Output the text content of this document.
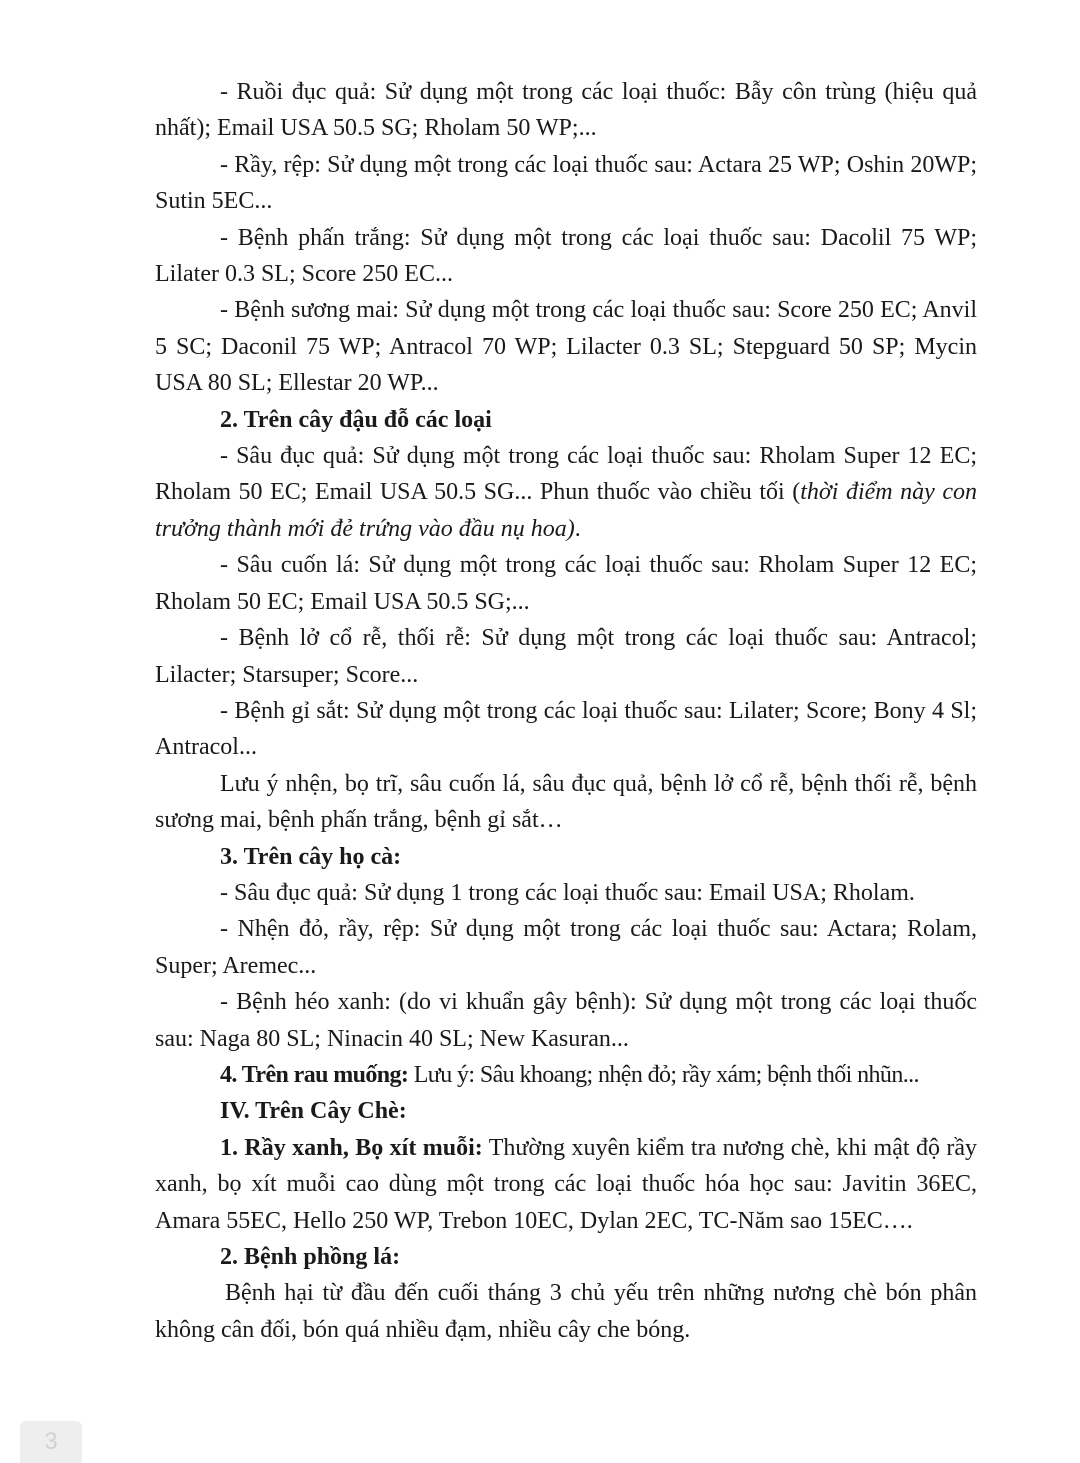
- Ruồi đục quả: Sử dụng một trong các loại thuốc: Bẫy côn trùng (hiệu quả nhất); Email USA 50.5 SG; Rholam 50 WP;...

- Rầy, rệp: Sử dụng một trong các loại thuốc sau: Actara 25 WP; Oshin 20WP; Sutin 5EC...

- Bệnh phấn trắng: Sử dụng một trong các loại thuốc sau: Dacolil 75 WP; Lilater 0.3 SL; Score 250 EC...

- Bệnh sương mai: Sử dụng một trong các loại thuốc sau: Score 250 EC; Anvil 5 SC; Daconil 75 WP; Antracol 70 WP; Lilacter 0.3 SL; Stepguard 50 SP; Mycin USA 80 SL; Ellestar 20 WP...

2. Trên cây đậu đỗ các loại

- Sâu đục quả: Sử dụng một trong các loại thuốc sau: Rholam Super 12 EC; Rholam 50 EC; Email USA 50.5 SG... Phun thuốc vào chiều tối (thời điểm này con trưởng thành mới đẻ trứng vào đầu nụ hoa).

- Sâu cuốn lá: Sử dụng một trong các loại thuốc sau: Rholam Super 12 EC; Rholam 50 EC; Email USA 50.5 SG;...

- Bệnh lở cổ rễ, thối rễ: Sử dụng một trong các loại thuốc sau: Antracol; Lilacter; Starsuper; Score...

- Bệnh gỉ sắt: Sử dụng một trong các loại thuốc sau: Lilater; Score; Bony 4 Sl; Antracol...

Lưu ý nhện, bọ trĩ, sâu cuốn lá, sâu đục quả, bệnh lở cổ rễ, bệnh thối rễ, bệnh sương mai, bệnh phấn trắng, bệnh gỉ sắt…

3. Trên cây họ cà:

- Sâu đục quả: Sử dụng 1 trong các loại thuốc sau: Email USA; Rholam.

- Nhện đỏ, rầy, rệp: Sử dụng một trong các loại thuốc sau: Actara; Rolam, Super; Aremec...

- Bệnh héo xanh: (do vi khuẩn gây bệnh): Sử dụng một trong các loại thuốc sau: Naga 80 SL; Ninacin 40 SL; New Kasuran...

4. Trên rau muống: Lưu ý: Sâu khoang; nhện đỏ; rầy xám; bệnh thối nhũn...

IV. Trên Cây Chè:

1. Rầy xanh, Bọ xít muỗi: Thường xuyên kiểm tra nương chè, khi mật độ rầy xanh, bọ xít muỗi cao dùng một trong các loại thuốc hóa học sau: Javitin 36EC, Amara 55EC, Hello 250 WP, Trebon 10EC, Dylan 2EC, TC-Năm sao 15EC….

2. Bệnh phồng lá:

Bệnh hại từ đầu đến cuối tháng 3 chủ yếu trên những nương chè bón phân không cân đối, bón quá nhiều đạm, nhiều cây che bóng.

3
